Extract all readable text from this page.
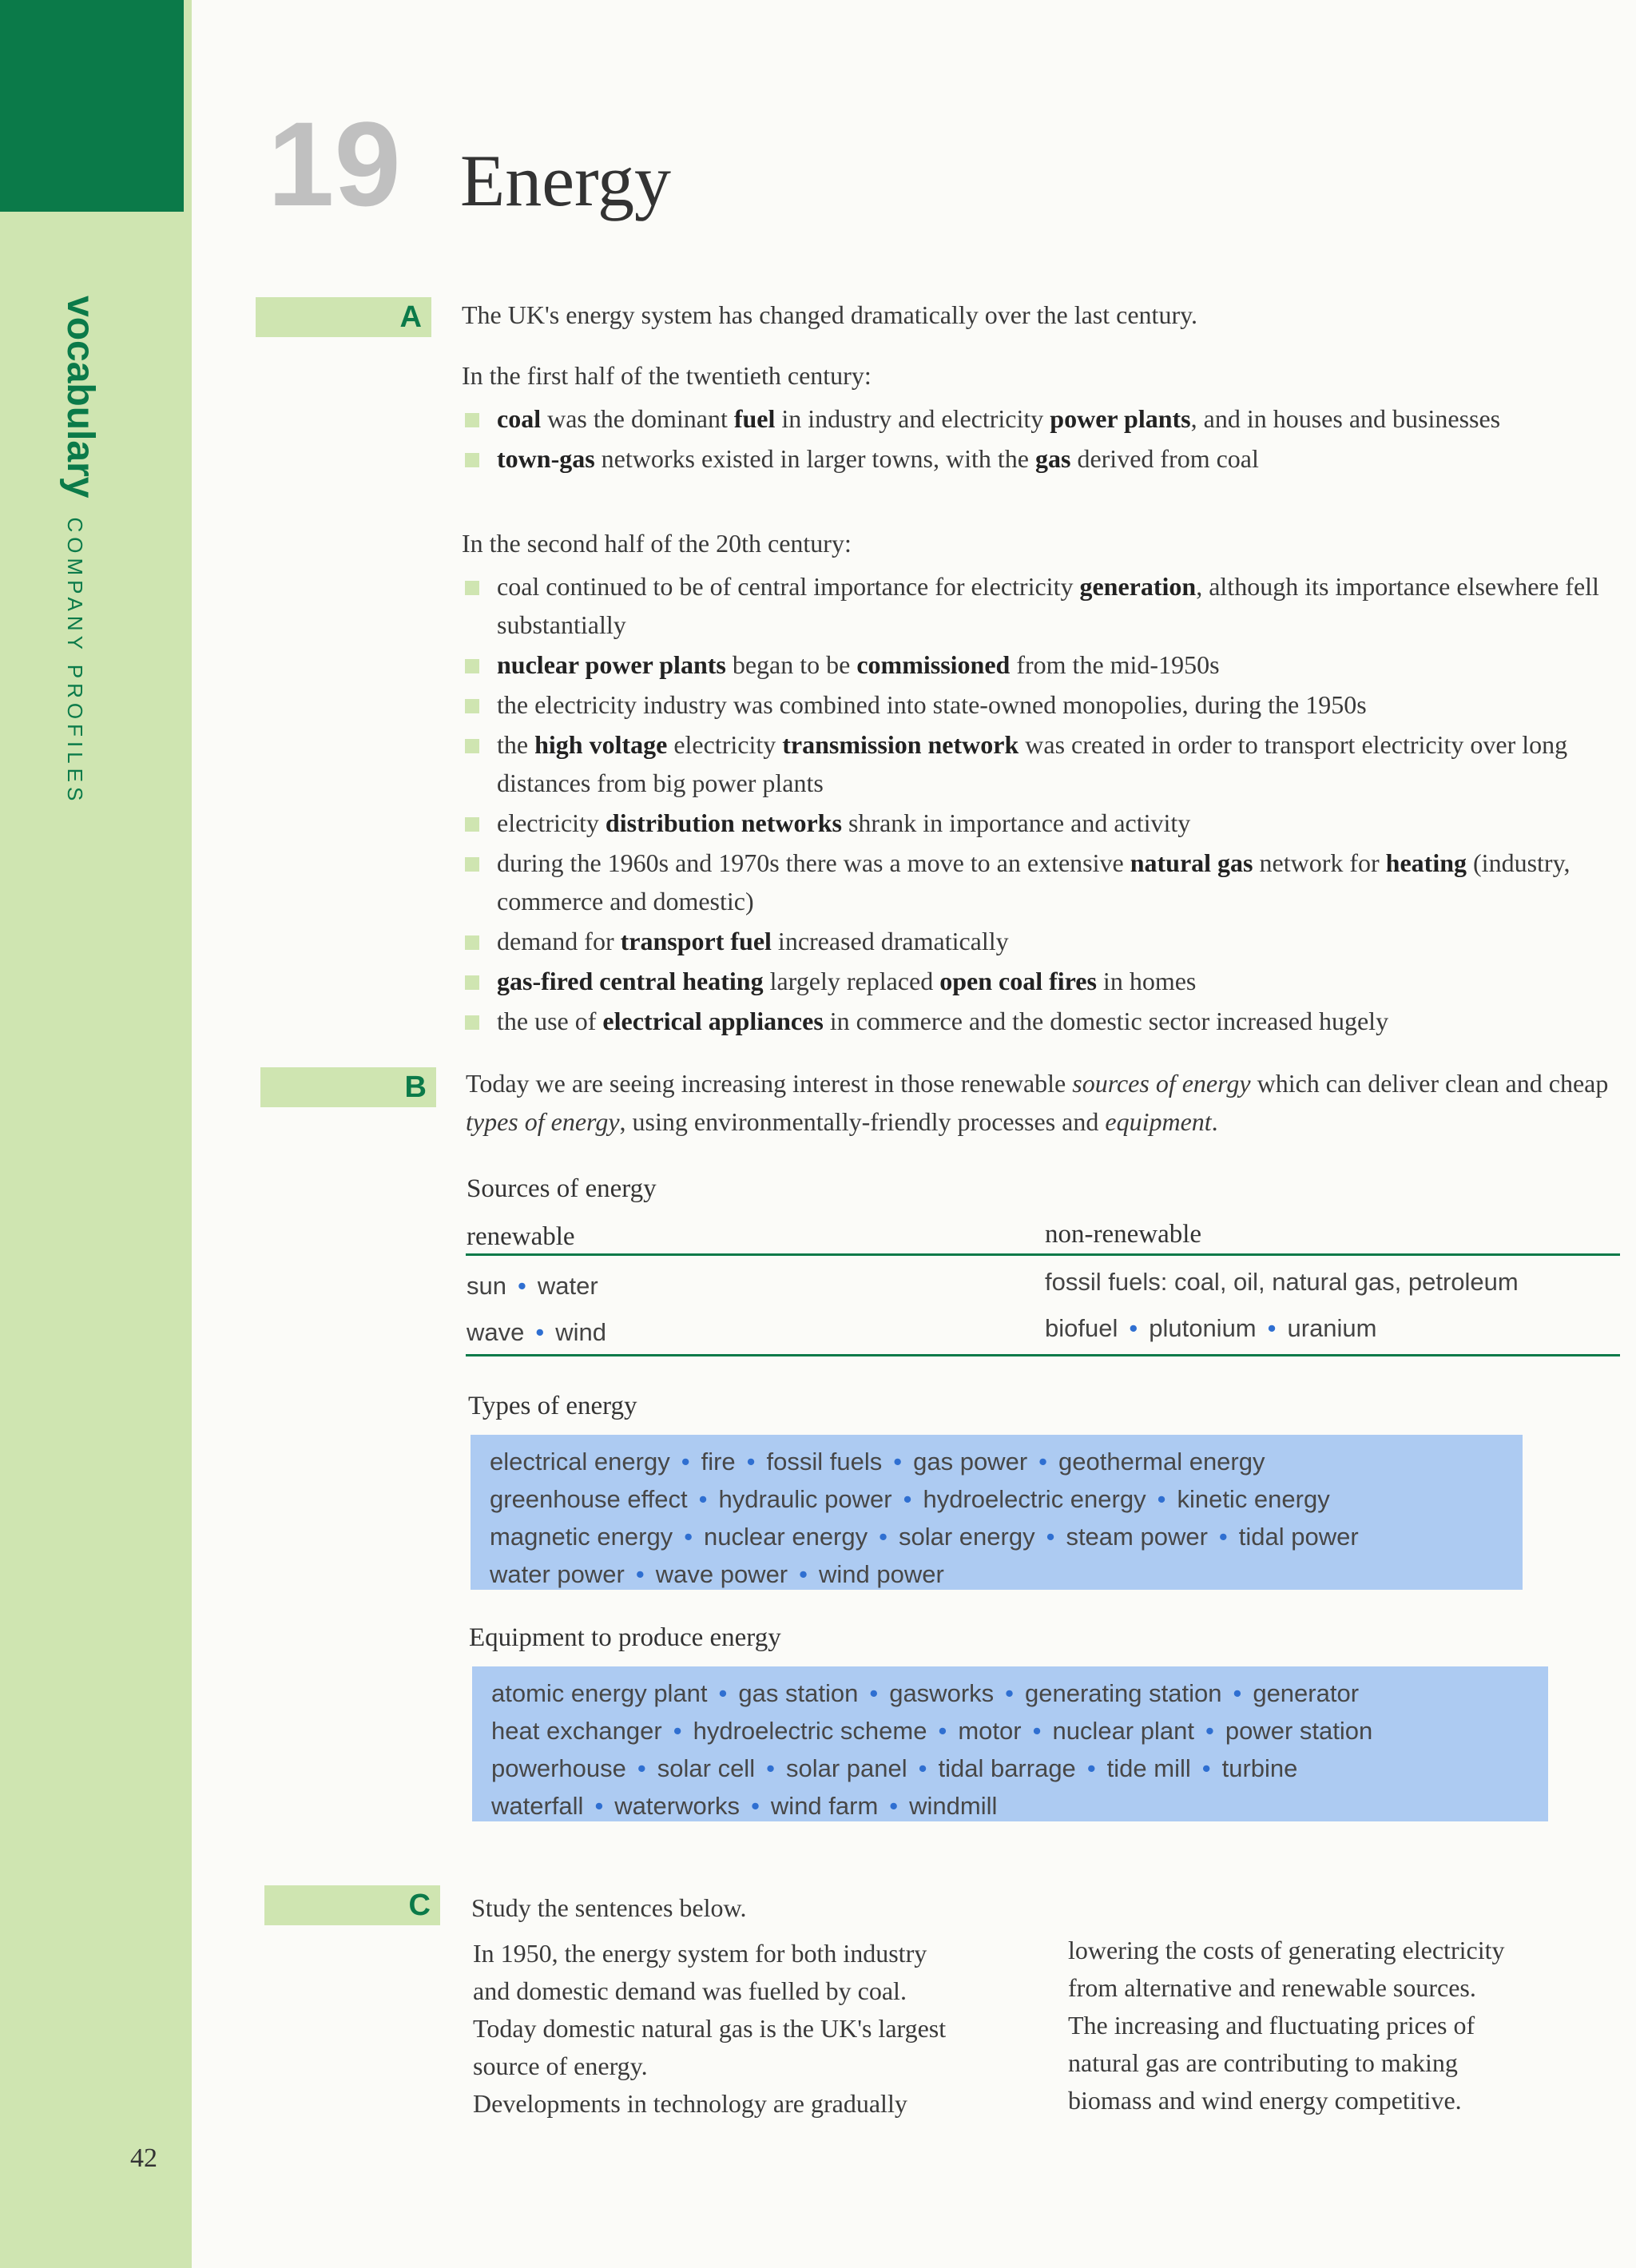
vocabularyCOMPANY PROFILES
42
19 Energy
A The UK's energy system has changed dramatically over the last century.
In the first half of the twentieth century:
coal was the dominant fuel in industry and electricity power plants, and in houses and businesses
town-gas networks existed in larger towns, with the gas derived from coal
In the second half of the 20th century:
coal continued to be of central importance for electricity generation, although its importance elsewhere fell substantially
nuclear power plants began to be commissioned from the mid-1950s
the electricity industry was combined into state-owned monopolies, during the 1950s
the high voltage electricity transmission network was created in order to transport electricity over long distances from big power plants
electricity distribution networks shrank in importance and activity
during the 1960s and 1970s there was a move to an extensive natural gas network for heating (industry, commerce and domestic)
demand for transport fuel increased dramatically
gas-fired central heating largely replaced open coal fires in homes
the use of electrical appliances in commerce and the domestic sector increased hugely
B Today we are seeing increasing interest in those renewable sources of energy which can deliver clean and cheap types of energy, using environmentally-friendly processes and equipment.
Sources of energy
renewable	non-renewable
sun • water	fossil fuels: coal, oil, natural gas, petroleum
wave • wind	biofuel • plutonium • uranium
Types of energy
electrical energy • fire • fossil fuels • gas power • geothermal energy
greenhouse effect • hydraulic power • hydroelectric energy • kinetic energy
magnetic energy • nuclear energy • solar energy • steam power • tidal power
water power • wave power • wind power
Equipment to produce energy
atomic energy plant • gas station • gasworks • generating station • generator
heat exchanger • hydroelectric scheme • motor • nuclear plant • power station
powerhouse • solar cell • solar panel • tidal barrage • tide mill • turbine
waterfall • waterworks • wind farm • windmill
C Study the sentences below.
In 1950, the energy system for both industry
and domestic demand was fuelled by coal.
Today domestic natural gas is the UK's largest
source of energy.
Developments in technology are gradually
lowering the costs of generating electricity
from alternative and renewable sources.
The increasing and fluctuating prices of
natural gas are contributing to making
biomass and wind energy competitive.
